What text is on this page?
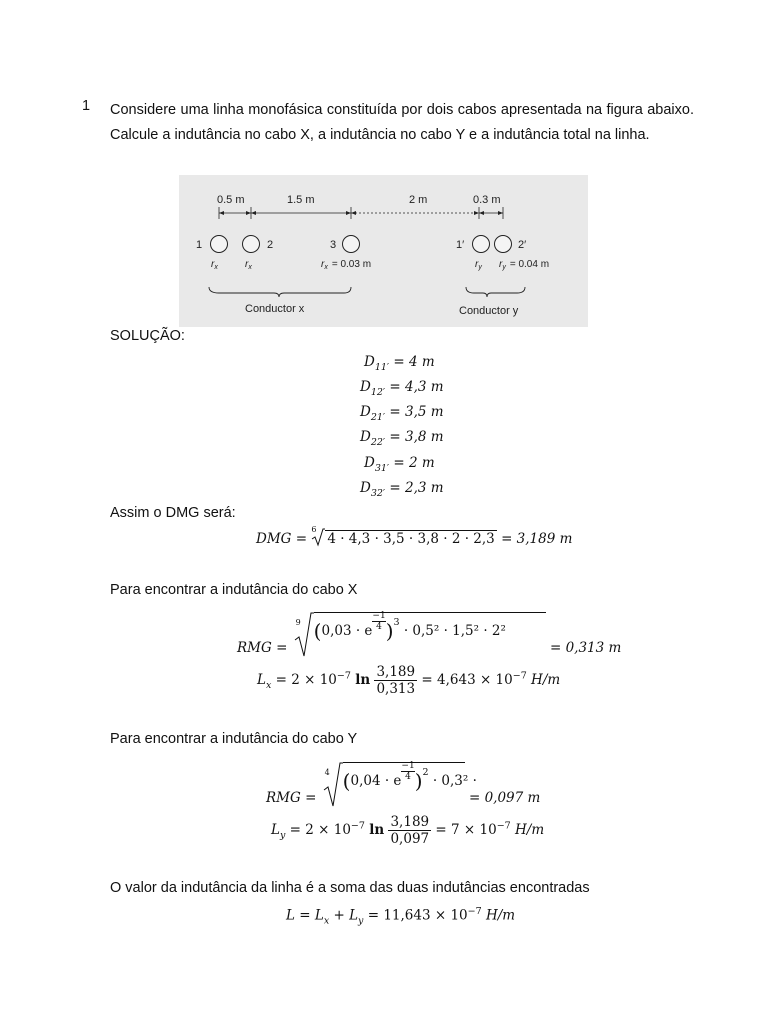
1 Considere uma linha monofásica constituída por dois cabos apresentada na figura abaixo. Calcule a indutância no cabo X, a indutância no cabo Y e a indutância total na linha.
0.5 m	1.5 m	2 m	0.3 m
1	2	3	1′	2′
$r_x$	$r_x$	$r_x = 0.03$ m	$r_y$ $r_y = 0.04$ m
Conductor x	Conductor y
SOLUÇÃO:
$D_{11'} = 4$ m
$D_{12'} = 4,3$ m
$D_{21'} = 3,5$ m
$D_{22'} = 3,8$ m
$D_{31'} = 2$ m
$D_{32'} = 2,3$ m
Assim o DMG será:
DMG =
6
4 · 4,3 · 3,5 · 3,8 · 2 · 2,3 = 3,189 m
Para encontrar a indutância do cabo X
RMG =
9 (0,03 · e $\frac{-1}{4} )^3 \cdot 0,5^2 \cdot 1,5^2 \cdot 2^2 = 0,313$ m
$L_x = 2 \times 10^{-7}$ $\ln \frac{3,189}{0,313} = 4,643 \times 10^{-7}$ H/m
Para encontrar a indutância do cabo Y
RMG =
4 (0,04 · e $\frac{-1}{4} )^2 \cdot 0,3^2$ · = 0,097 m
$L_y = 2 \times 10^{-7}$ $\ln \frac{3,189}{0,097} = 7 \times 10^{-7}$ H/m
O valor da indutância da linha é a soma das duas indutâncias encontradas
$L = L_x + L_y = 11,643 \times 10^{-7}$ H/m
